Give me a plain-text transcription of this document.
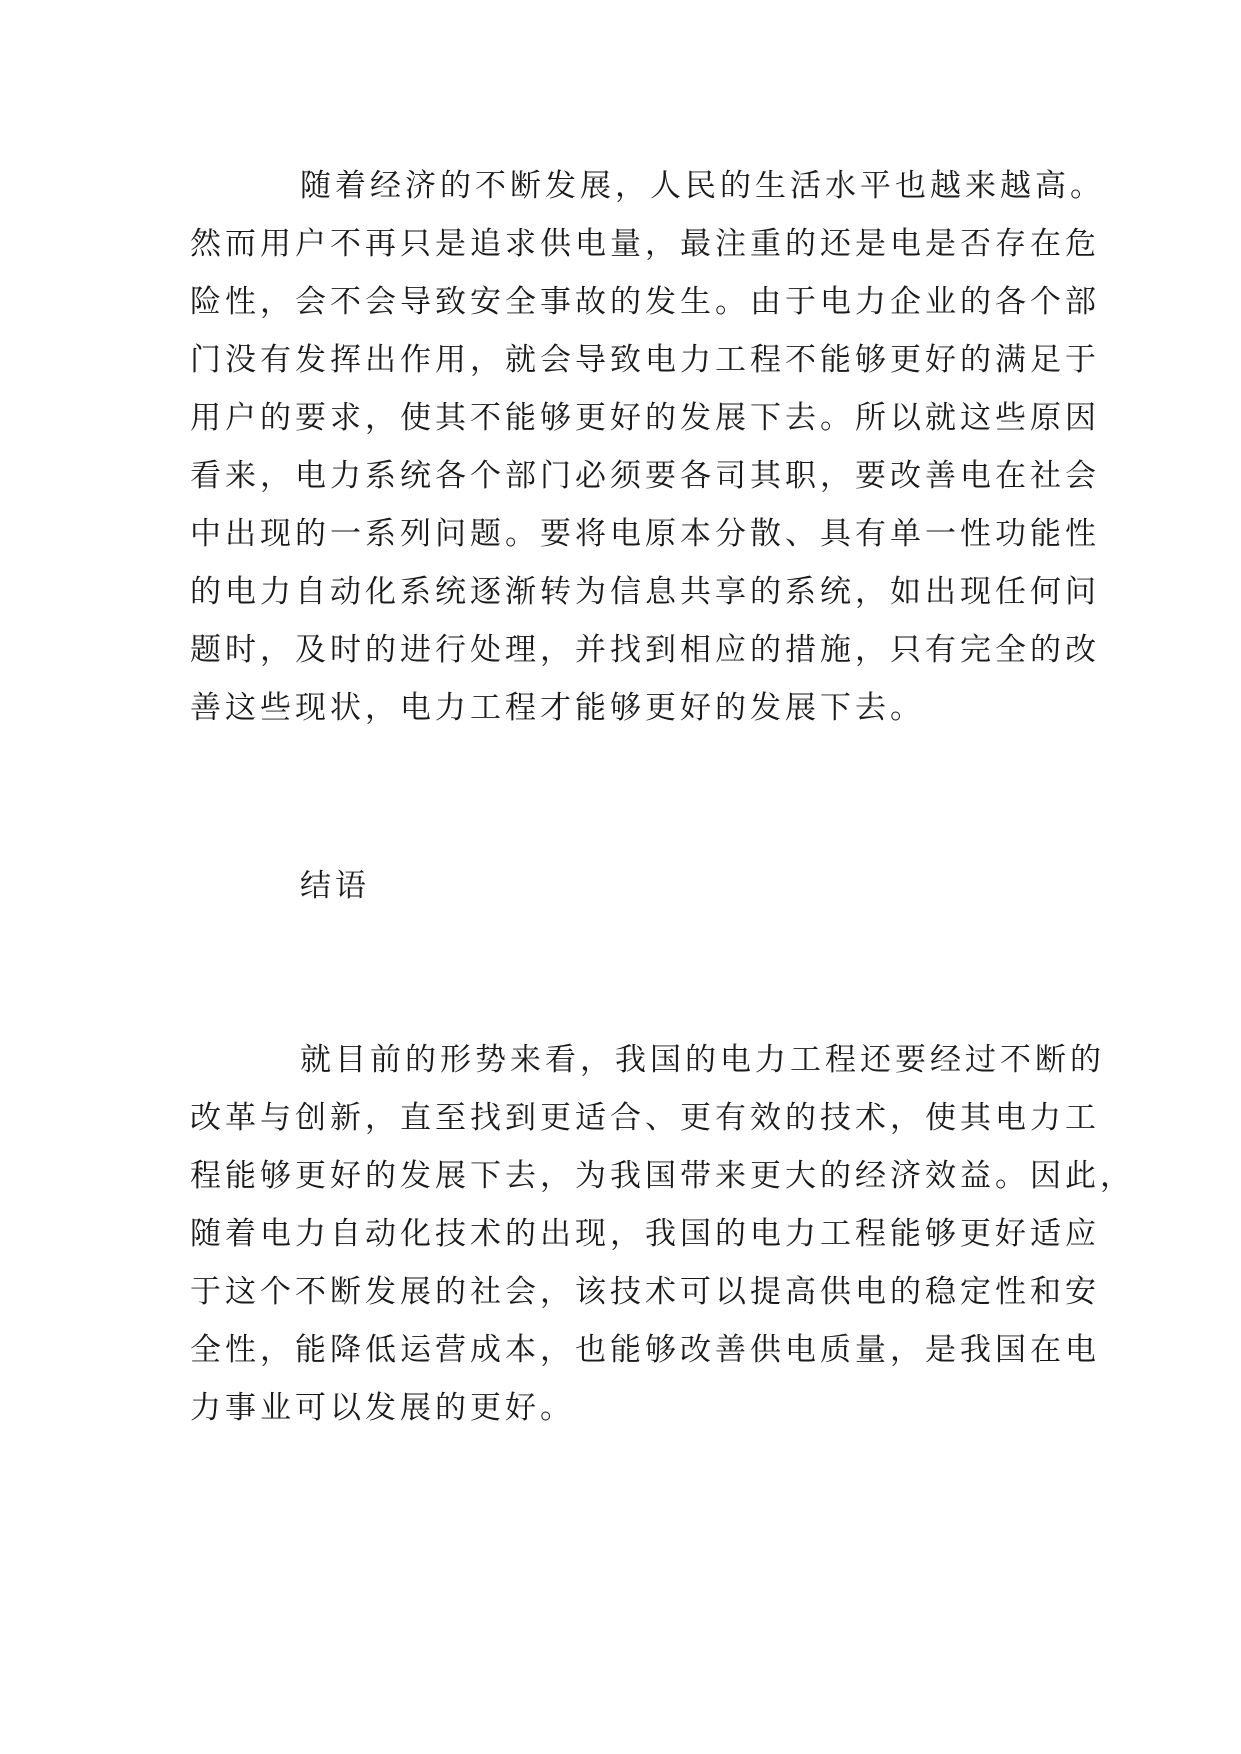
随着经济的不断发展，人民的生活水平也越来越高。
然而用户不再只是追求供电量，最注重的还是电是否存在危
险性，会不会导致安全事故的发生。由于电力企业的各个部
门没有发挥出作用，就会导致电力工程不能够更好的满足于
用户的要求，使其不能够更好的发展下去。所以就这些原因
看来，电力系统各个部门必须要各司其职，要改善电在社会
中出现的一系列问题。要将电原本分散、具有单一性功能性
的电力自动化系统逐渐转为信息共享的系统，如出现任何问
题时，及时的进行处理，并找到相应的措施，只有完全的改
善这些现状，电力工程才能够更好的发展下去。
结语
就目前的形势来看，我国的电力工程还要经过不断的
改革与创新，直至找到更适合、更有效的技术，使其电力工
程能够更好的发展下去，为我国带来更大的经济效益。因此，
随着电力自动化技术的出现，我国的电力工程能够更好适应
于这个不断发展的社会，该技术可以提高供电的稳定性和安
全性，能降低运营成本，也能够改善供电质量，是我国在电
力事业可以发展的更好。
